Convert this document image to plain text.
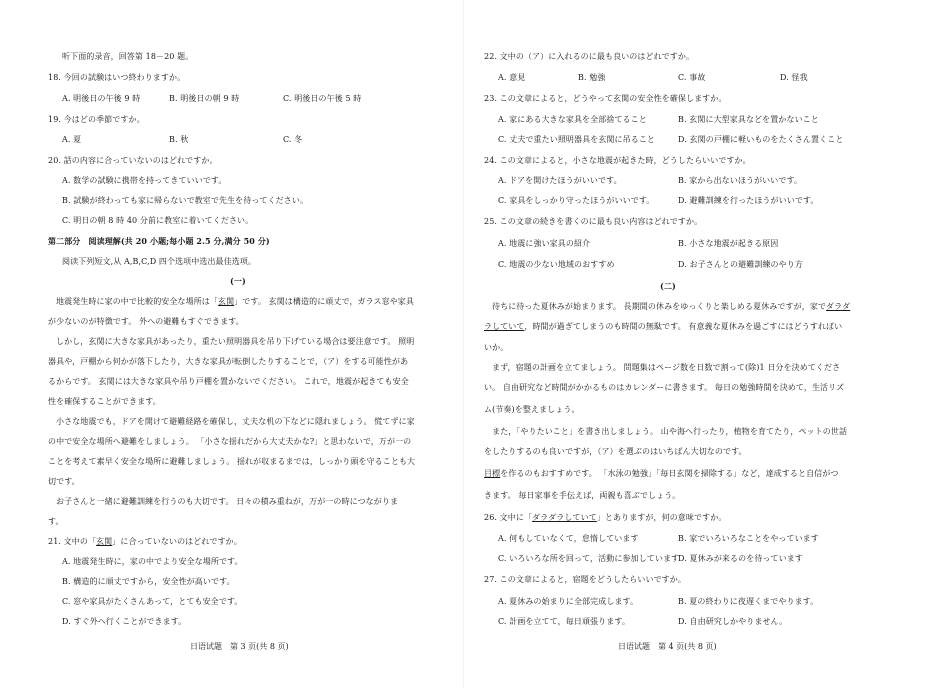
听下面的录音，回答第 18－20 题。
18. 今回の試験はいつ終わりますか。
A. 明後日の午後 9 時	B. 明後日の朝 9 時	C. 明後日の午後 5 時
19. 今はどの季節ですか。
A. 夏	B. 秋	C. 冬
20. 話の内容に合っていないのはどれですか。
A. 数学の試験に携帯を持ってきていいです。
B. 試験が終わっても家に帰らないで教室で先生を待ってください。
C. 明日の朝 8 時 40 分前に教室に着いてください。
第二部分　阅读理解(共 20 小题;每小题 2.5 分,满分 50 分)
阅读下列短文,从 A,B,C,D 四个选项中选出最佳选项。
(一)
地震発生時に家の中で比較的安全な場所は「玄関」です。 玄関は構造的に頑丈で，ガラス窓や家具
が少ないのが特徴です。 外への避難もすぐできます。
しかし，玄関に大きな家具があったり，重たい照明器具を吊り下げている場合は要注意です。 照明
器具や，戸棚から何かが落下したり，大きな家具が転倒したりすることで，（ア）をする可能性があ
るからです。 玄関には大きな家具や吊り戸棚を置かないでください。 これで，地震が起きても安全
性を確保することができます。
小さな地震でも，ドアを開けて避難経路を確保し，丈夫な机の下などに隠れましょう。 慌てずに家
の中で安全な場所へ避難をしましょう。 「小さな揺れだから大丈夫かな?」と思わないで，万が一の
ことを考えて素早く安全な場所に避難しましょう。 揺れが収まるまでは，しっかり頭を守ることも大
切です。
お子さんと一緒に避難訓練を行うのも大切です。 日々の積み重ねが，万が一の時につながりま
す。
21. 文中の「玄関」に合っていないのはどれですか。
A. 地震発生時に，家の中でより安全な場所です。
B. 構造的に頑丈ですから，安全性が高いです。
C. 窓や家具がたくさんあって，とても安全です。
D. すぐ外へ行くことができます。
日语试题　第 3 页(共 8 页)
22. 文中の（ア）に入れるのに最も良いのはどれですか。
A. 意見	B. 勉強	C. 事故	D. 怪我
23. この文章によると，どうやって玄関の安全性を確保しますか。
A. 家にある大きな家具を全部捨てること	B. 玄関に大型家具などを置かないこと
C. 丈夫で重たい照明器具を玄関に吊ること	D. 玄関の戸棚に軽いものをたくさん置くこと
24. この文章によると，小さな地震が起きた時，どうしたらいいですか。
A. ドアを開けたほうがいいです。	B. 家から出ないほうがいいです。
C. 家具をしっかり守ったほうがいいです。	D. 避難訓練を行ったほうがいいです。
25. この文章の続きを書くのに最も良い内容はどれですか。
A. 地震に強い家具の紹介	B. 小さな地震が起きる原因
C. 地震の少ない地域のおすすめ	D. お子さんとの避難訓練のやり方
(二)
待ちに待った夏休みが始まります。 長期間の休みをゆっくりと楽しめる夏休みですが，家でダラダ
ラしていて，時間が過ぎてしまうのも時間の無駄です。 有意義な夏休みを過ごすにはどうすればい
いか。
まず，宿題の計画を立てましょう。 問題集はページ数を日数で割って(除)1 日分を決めてくださ
い。 自由研究など時間がかかるものはカレンダーに書きます。 毎日の勉強時間を決めて，生活リズ
ム(节奏)を整えましょう。
また，「やりたいこと」を書き出しましょう。 山や海へ行ったり，植物を育てたり，ペットの世話
をしたりするのも良いですが，（ア）を選ぶのはいちばん大切なのです。
目標を作るのもおすすめです。 「水泳の勉強」「毎日玄関を掃除する」など，達成すると自信がつ
きます。 毎日家事を手伝えば，両親も喜ぶでしょう。
26. 文中に「ダラダラしていて」とありますが，何の意味ですか。
A. 何もしていなくて，怠惰しています	B. 家でいろいろなことをやっています
C. いろいろな所を回って，活動に参加しています
D. 夏休みが来るのを待っています
27. この文章によると，宿題をどうしたらいいですか。
A. 夏休みの始まりに全部完成します。	B. 夏の終わりに夜遅くまでやります。
C. 計画を立てて，毎日頑張ります。	D. 自由研究しかやりません。
日语试题　第 4 页(共 8 页)
